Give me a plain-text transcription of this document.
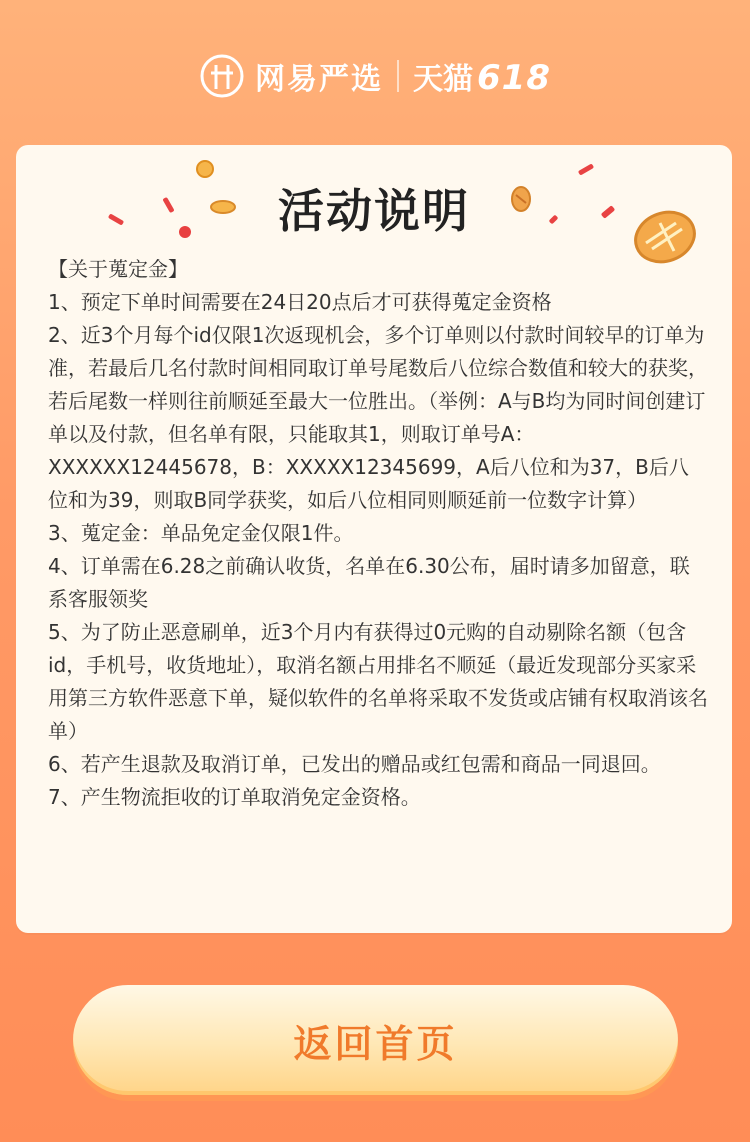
网易严选 天猫 618
活动说明

【关于蒐定金】

1、预定下单时间需要在24日20点后才可获得蒐定金资格

2、近3个月每个id仅限1次返现机会，多个订单则以付款时间较早的订单为准，若最后几名付款时间相同取订单号尾数后八位综合数值和较大的获奖，若后尾数一样则往前顺延至最大一位胜出。（举例：A与B均为同时间创建订单以及付款，但名单有限，只能取其1，则取订单号A：XXXXXX12445678，B：XXXXX12345699，A后八位和为37，B后八位和为39，则取B同学获奖，如后八位相同则顺延前一位数字计算）

3、蒐定金：单品免定金仅限1件。

4、订单需在6.28之前确认收货，名单在6.30公布，届时请多加留意，联系客服领奖

5、为了防止恶意刷单，近3个月内有获得过0元购的自动剔除名额（包含id，手机号，收货地址），取消名额占用排名不顺延（最近发现部分买家采用第三方软件恶意下单，疑似软件的名单将采取不发货或店铺有权取消该名单）

6、若产生退款及取消订单，已发出的赠品或红包需和商品一同退回。

7、产生物流拒收的订单取消免定金资格。

返回首页
